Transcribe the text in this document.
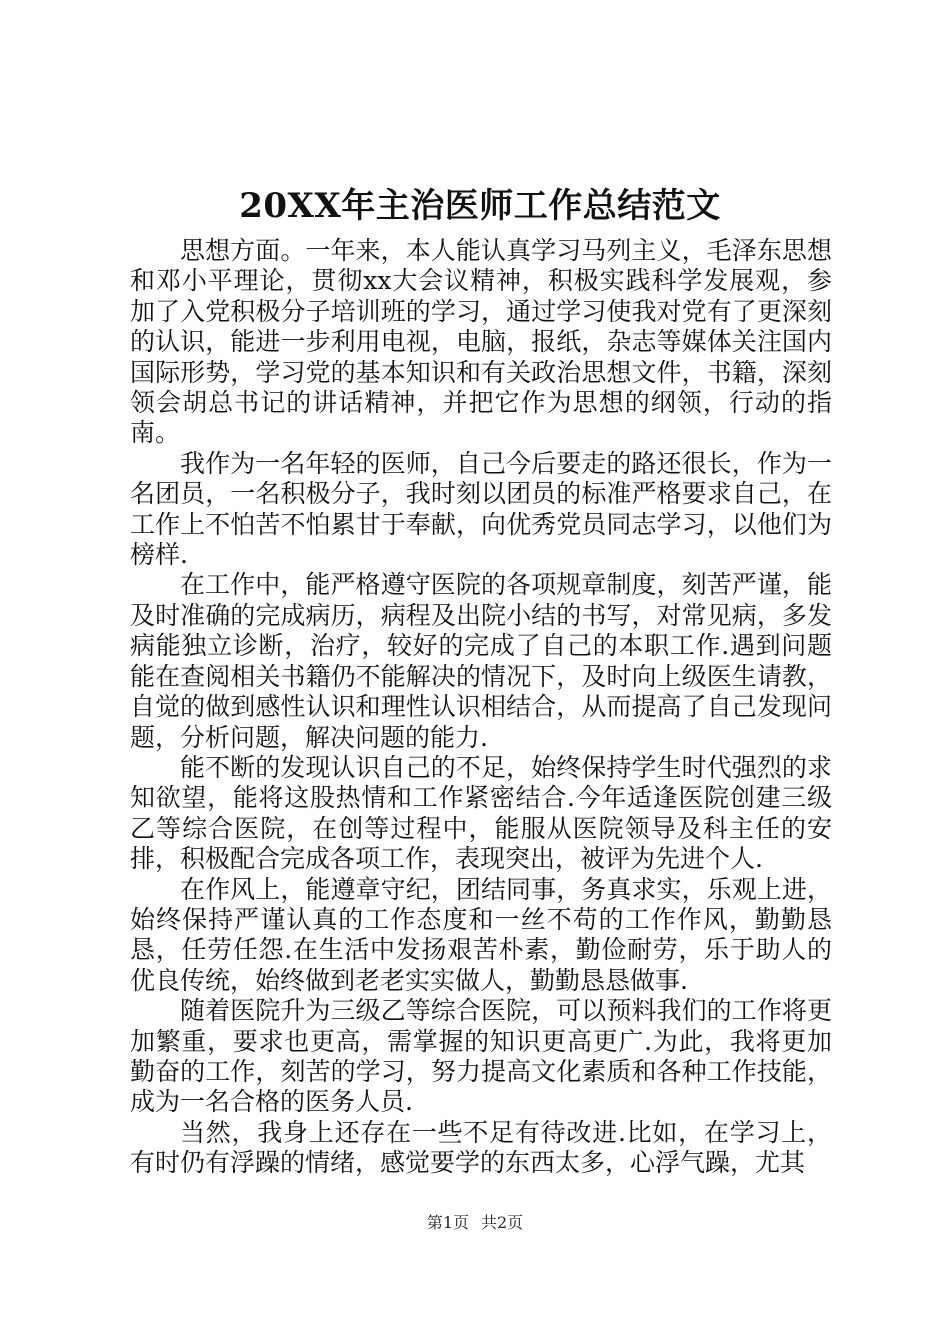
20XX年主治医师工作总结范文

思想方面。一年来，本人能认真学习马列主义，毛泽东思想和邓小平理论，贯彻xx大会议精神，积极实践科学发展观，参加了入党积极分子培训班的学习，通过学习使我对党有了更深刻的认识，能进一步利用电视，电脑，报纸，杂志等媒体关注国内国际形势，学习党的基本知识和有关政治思想文件，书籍，深刻领会胡总书记的讲话精神，并把它作为思想的纲领，行动的指南。

我作为一名年轻的医师，自己今后要走的路还很长，作为一名团员，一名积极分子，我时刻以团员的标准严格要求自己，在工作上不怕苦不怕累甘于奉献，向优秀党员同志学习，以他们为榜样.

在工作中，能严格遵守医院的各项规章制度，刻苦严谨，能及时准确的完成病历，病程及出院小结的书写，对常见病，多发病能独立诊断，治疗，较好的完成了自己的本职工作.遇到问题能在查阅相关书籍仍不能解决的情况下，及时向上级医生请教，自觉的做到感性认识和理性认识相结合，从而提高了自己发现问题，分析问题，解决问题的能力.

能不断的发现认识自己的不足，始终保持学生时代强烈的求知欲望，能将这股热情和工作紧密结合.今年适逢医院创建三级乙等综合医院，在创等过程中，能服从医院领导及科主任的安排，积极配合完成各项工作，表现突出，被评为先进个人.

在作风上，能遵章守纪，团结同事，务真求实，乐观上进，始终保持严谨认真的工作态度和一丝不苟的工作作风，勤勤恳恳，任劳任怨.在生活中发扬艰苦朴素，勤俭耐劳，乐于助人的优良传统，始终做到老老实实做人，勤勤恳恳做事.

随着医院升为三级乙等综合医院，可以预料我们的工作将更加繁重，要求也更高，需掌握的知识更高更广.为此，我将更加勤奋的工作，刻苦的学习，努力提高文化素质和各种工作技能，成为一名合格的医务人员.

当然，我身上还存在一些不足有待改进.比如，在学习上，有时仍有浮躁的情绪，感觉要学的东西太多，心浮气躁，尤其

第1页 共2页
